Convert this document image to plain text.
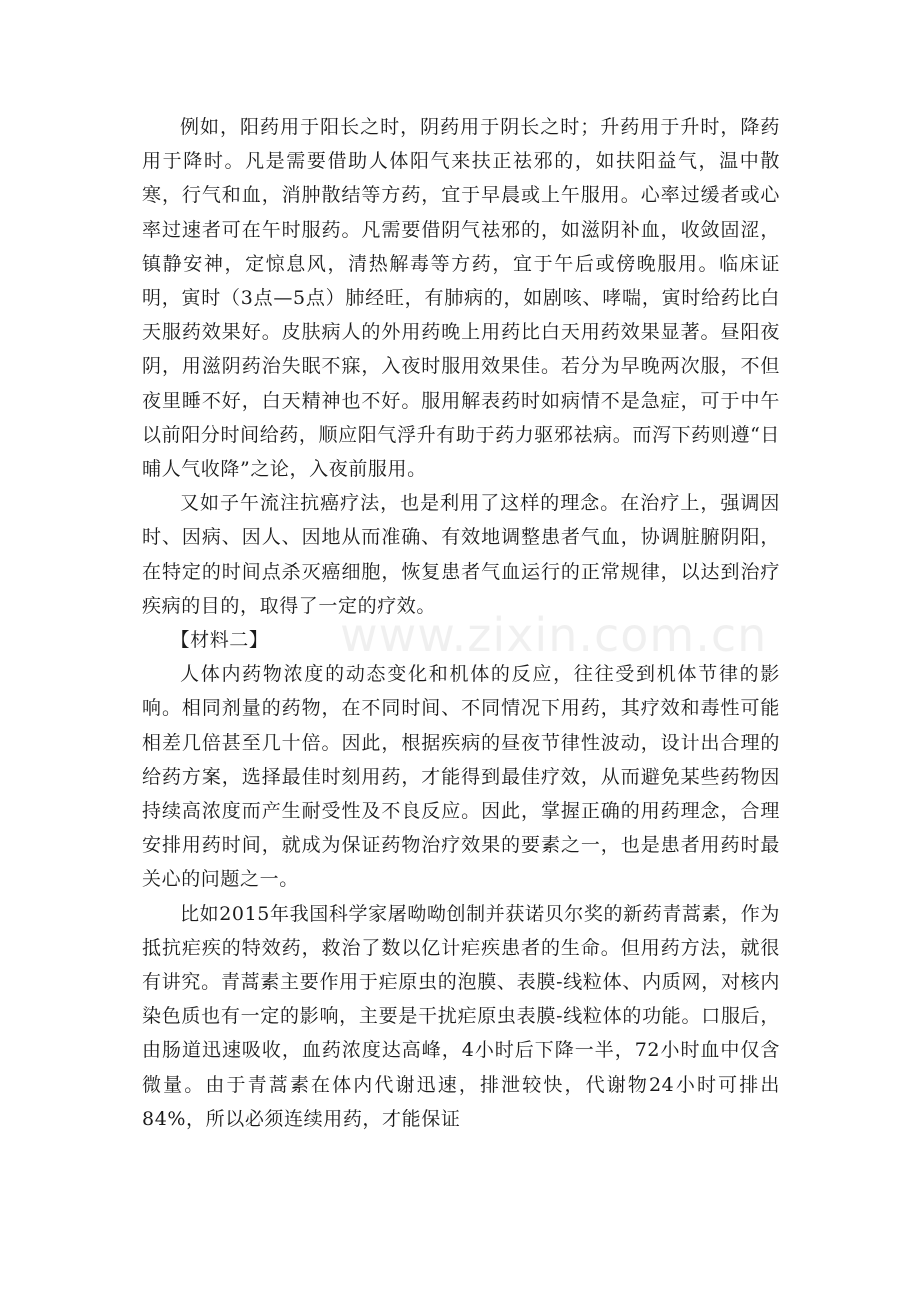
例如，阳药用于阳长之时，阴药用于阴长之时；升药用于升时，降药用于降时。凡是需要借助人体阳气来扶正祛邪的，如扶阳益气，温中散寒，行气和血，消肿散结等方药，宜于早晨或上午服用。心率过缓者或心率过速者可在午时服药。凡需要借阴气祛邪的，如滋阴补血，收敛固涩，镇静安神，定惊息风，清热解毒等方药，宜于午后或傍晚服用。临床证明，寅时（3点—5点）肺经旺，有肺病的，如剧咳、哮喘，寅时给药比白天服药效果好。皮肤病人的外用药晚上用药比白天用药效果显著。昼阳夜阴，用滋阴药治失眠不寐，入夜时服用效果佳。若分为早晚两次服，不但夜里睡不好，白天精神也不好。服用解表药时如病情不是急症，可于中午以前阳分时间给药，顺应阳气浮升有助于药力驱邪祛病。而泻下药则遵“日晡人气收降”之论，入夜前服用。

又如子午流注抗癌疗法，也是利用了这样的理念。在治疗上，强调因时、因病、因人、因地从而准确、有效地调整患者气血，协调脏腑阴阳，在特定的时间点杀灭癌细胞，恢复患者气血运行的正常规律，以达到治疗疾病的目的，取得了一定的疗效。

【材料二】

人体内药物浓度的动态变化和机体的反应，往往受到机体节律的影响。相同剂量的药物，在不同时间、不同情况下用药，其疗效和毒性可能相差几倍甚至几十倍。因此，根据疾病的昼夜节律性波动，设计出合理的给药方案，选择最佳时刻用药，才能得到最佳疗效，从而避免某些药物因持续高浓度而产生耐受性及不良反应。因此，掌握正确的用药理念，合理安排用药时间，就成为保证药物治疗效果的要素之一，也是患者用药时最关心的问题之一。

比如2015年我国科学家屠呦呦创制并获诺贝尔奖的新药青蒿素，作为抵抗疟疾的特效药，救治了数以亿计疟疾患者的生命。但用药方法，就很有讲究。青蒿素主要作用于疟原虫的泡膜、表膜-线粒体、内质网，对核内染色质也有一定的影响，主要是干扰疟原虫表膜-线粒体的功能。口服后，由肠道迅速吸收，血药浓度达高峰，4小时后下降一半，72小时血中仅含微量。由于青蒿素在体内代谢迅速，排泄较快，代谢物24小时可排出84%，所以必须连续用药，才能保证

www.zixin.com.cn
